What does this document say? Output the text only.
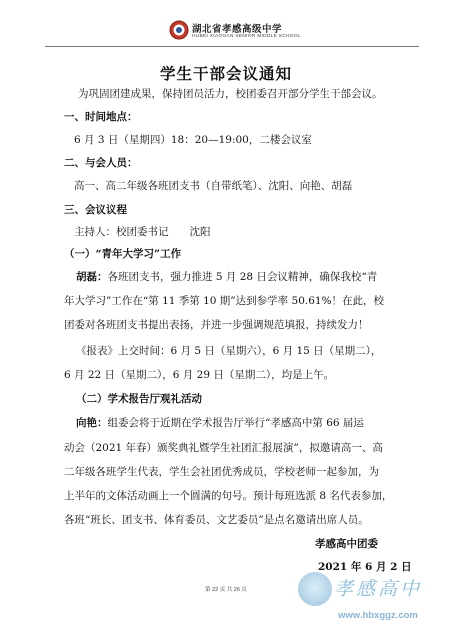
湖北省孝感高级中学
HUBEI XIAOGAN SENIOR MIDDLE SCHOOL
学生干部会议通知
为巩固团建成果，保持团员活力，校团委召开部分学生干部会议。
一、时间地点：
6 月 3 日（星期四）18：20—19:00，二楼会议室
二、与会人员：
高一、高二年级各班团支书（自带纸笔）、沈阳、向艳、胡磊
三、会议议程
主持人：校团委书记　　沈阳
（一）“青年大学习”工作
胡磊：各班团支书，强力推进 5 月 28 日会议精神，确保我校“青
年大学习”工作在“第 11 季第 10 期”达到参学率 50.61%！在此，校
团委对各班团支书提出表扬，并进一步强调规范填报，持续发力！
《报表》上交时间：6 月 5 日（星期六），6 月 15 日（星期二），
6 月 22 日（星期二），6 月 29 日（星期二），均是上午。
（二）学术报告厅观礼活动
向艳：组委会将于近期在学术报告厅举行“孝感高中第 66 届运
动会（2021 年春）颁奖典礼暨学生社团汇报展演”，拟邀请高一、高
二年级各班学生代表，学生会社团优秀成员，学校老师一起参加，为
上半年的文体活动画上一个圆满的句号。预计每班选派 8 名代表参加，
各班“班长、团支书、体育委员、文艺委员”是点名邀请出席人员。
孝感高中团委
2021 年 6 月 2 日
第 22 页 共 26 页	孝感高中
www.hbxggz.com
